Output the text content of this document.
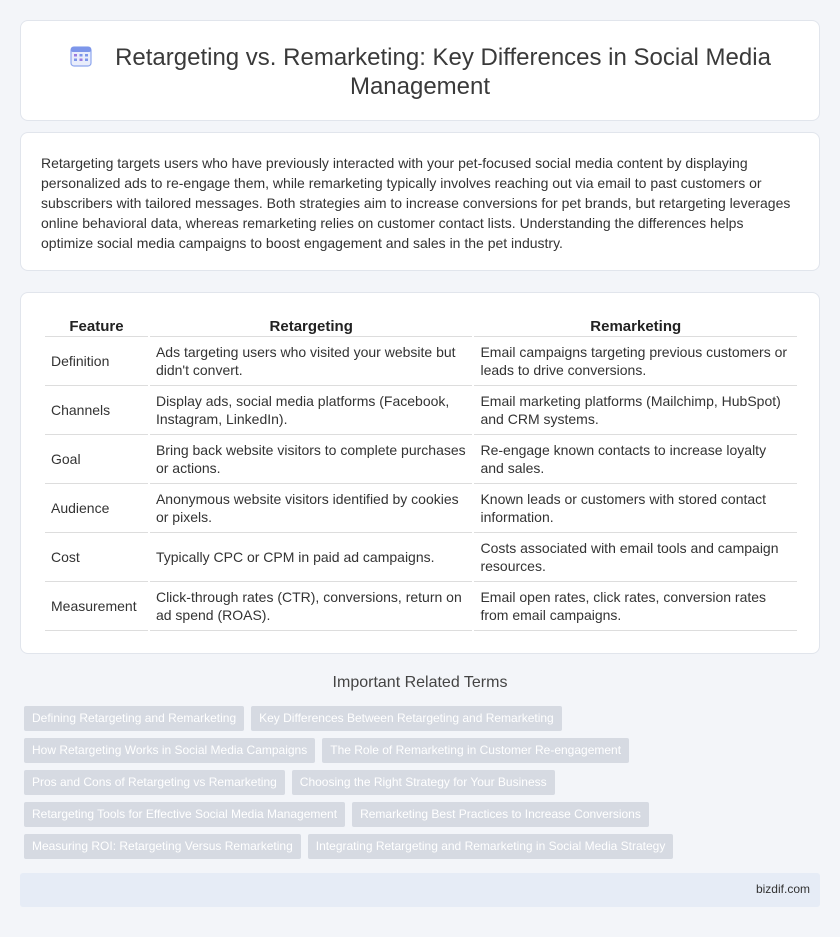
Retargeting vs. Remarketing: Key Differences in Social Media Management

Retargeting targets users who have previously interacted with your pet-focused social media content by displaying personalized ads to re-engage them, while remarketing typically involves reaching out via email to past customers or subscribers with tailored messages. Both strategies aim to increase conversions for pet brands, but retargeting leverages online behavioral data, whereas remarketing relies on customer contact lists. Understanding the differences helps optimize social media campaigns to boost engagement and sales in the pet industry.

Feature	Retargeting	Remarketing
Definition	Ads targeting users who visited your website but didn't convert.	Email campaigns targeting previous customers or leads to drive conversions.
Channels	Display ads, social media platforms (Facebook, Instagram, LinkedIn).	Email marketing platforms (Mailchimp, HubSpot) and CRM systems.
Goal	Bring back website visitors to complete purchases or actions.	Re-engage known contacts to increase loyalty and sales.
Audience	Anonymous website visitors identified by cookies or pixels.	Known leads or customers with stored contact information.
Cost	Typically CPC or CPM in paid ad campaigns.	Costs associated with email tools and campaign resources.
Measurement	Click-through rates (CTR), conversions, return on ad spend (ROAS).	Email open rates, click rates, conversion rates from email campaigns.
Important Related Terms
Defining Retargeting and Remarketing Key Differences Between Retargeting and Remarketing
How Retargeting Works in Social Media Campaigns The Role of Remarketing in Customer Re-engagement
Pros and Cons of Retargeting vs Remarketing Choosing the Right Strategy for Your Business
Retargeting Tools for Effective Social Media Management Remarketing Best Practices to Increase Conversions
Measuring ROI: Retargeting Versus Remarketing Integrating Retargeting and Remarketing in Social Media Strategy
bizdif.com
